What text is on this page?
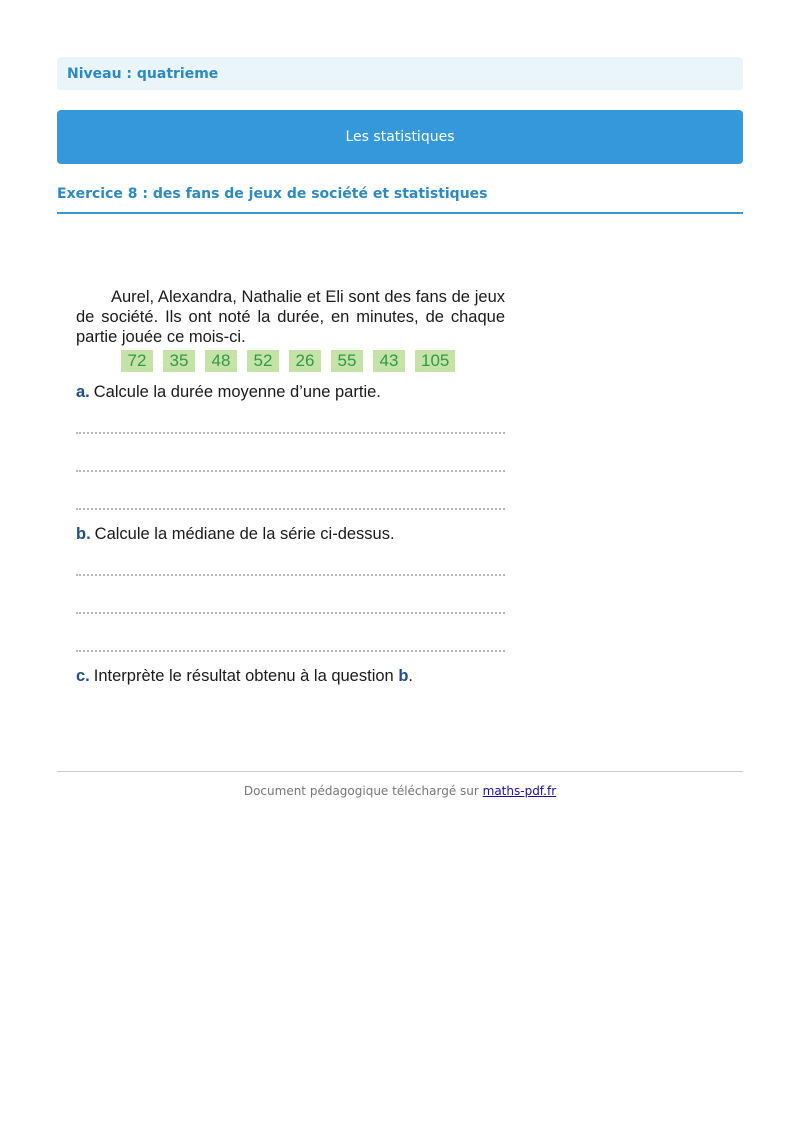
Niveau : quatrieme
Les statistiques
Exercice 8 : des fans de jeux de société et statistiques

Aurel, Alexandra, Nathalie et Eli sont des fans de jeux de société. Ils ont noté la durée, en minutes, de chaque partie jouée ce mois-ci.

72	35	48	52	26	55	43	105
a. Calcule la durée moyenne d’une partie.
b. Calcule la médiane de la série ci-dessus.
c. Interprète le résultat obtenu à la question b.
Document pédagogique téléchargé sur maths-pdf.fr
